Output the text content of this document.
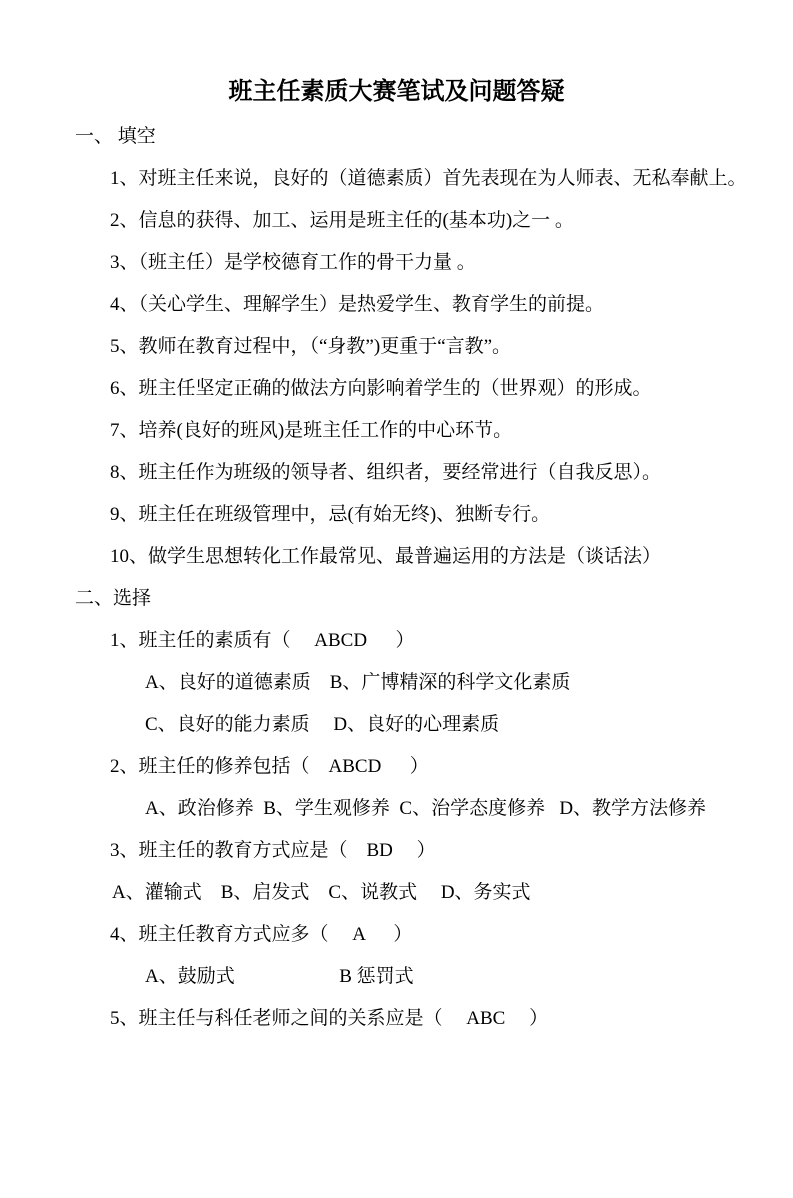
班主任素质大赛笔试及问题答疑
一、 填空
1、对班主任来说，良好的（道德素质）首先表现在为人师表、无私奉献上。
2、信息的获得、加工、运用是班主任的(基本功)之一 。
3、（班主任）是学校德育工作的骨干力量 。
4、（关心学生、理解学生）是热爱学生、教育学生的前提。
5、教师在教育过程中，（“身教”)更重于“言教”。
6、班主任坚定正确的做法方向影响着学生的（世界观）的形成。
7、培养(良好的班风)是班主任工作的中心环节。
8、班主任作为班级的领导者、组织者，要经常进行（自我反思）。
9、班主任在班级管理中，忌(有始无终)、独断专行。
10、做学生思想转化工作最常见、最普遍运用的方法是（谈话法）
二、选择
1、班主任的素质有（     ABCD      ）
A、良好的道德素质    B、广博精深的科学文化素质
C、良好的能力素质     D、良好的心理素质
2、班主任的修养包括（    ABCD      ）
A、政治修养  B、学生观修养  C、治学态度修养   D、教学方法修养
3、班主任的教育方式应是（    BD     ）
A、灌输式    B、启发式    C、说教式     D、务实式
4、班主任教育方式应多（     A      ）
A、鼓励式                      B 惩罚式
5、班主任与科任老师之间的关系应是（     ABC     ）
